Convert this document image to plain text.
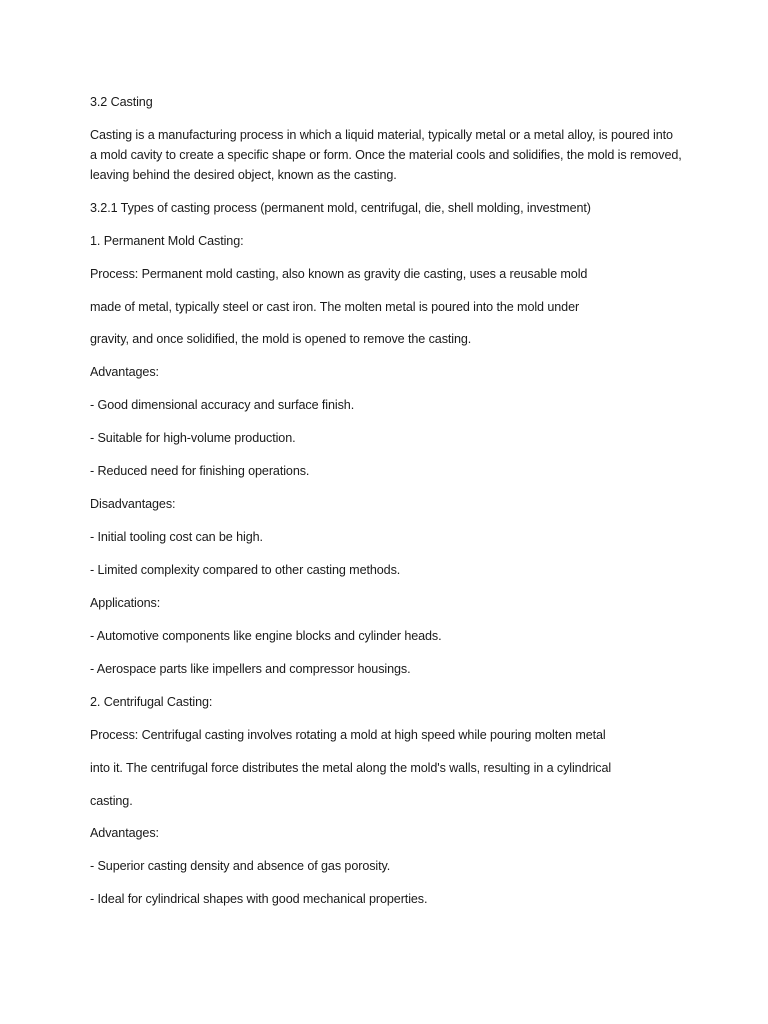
3.2 Casting
Casting is a manufacturing process in which a liquid material, typically metal or a metal alloy, is poured into a mold cavity to create a specific shape or form. Once the material cools and solidifies, the mold is removed, leaving behind the desired object, known as the casting.
3.2.1 Types of casting process (permanent mold, centrifugal, die, shell molding, investment)
1. Permanent Mold Casting:
Process: Permanent mold casting, also known as gravity die casting, uses a reusable mold
made of metal, typically steel or cast iron. The molten metal is poured into the mold under
gravity, and once solidified, the mold is opened to remove the casting.
Advantages:
- Good dimensional accuracy and surface finish.
- Suitable for high-volume production.
- Reduced need for finishing operations.
Disadvantages:
- Initial tooling cost can be high.
- Limited complexity compared to other casting methods.
Applications:
- Automotive components like engine blocks and cylinder heads.
- Aerospace parts like impellers and compressor housings.
2. Centrifugal Casting:
Process: Centrifugal casting involves rotating a mold at high speed while pouring molten metal
into it. The centrifugal force distributes the metal along the mold's walls, resulting in a cylindrical
casting.
Advantages:
- Superior casting density and absence of gas porosity.
- Ideal for cylindrical shapes with good mechanical properties.
